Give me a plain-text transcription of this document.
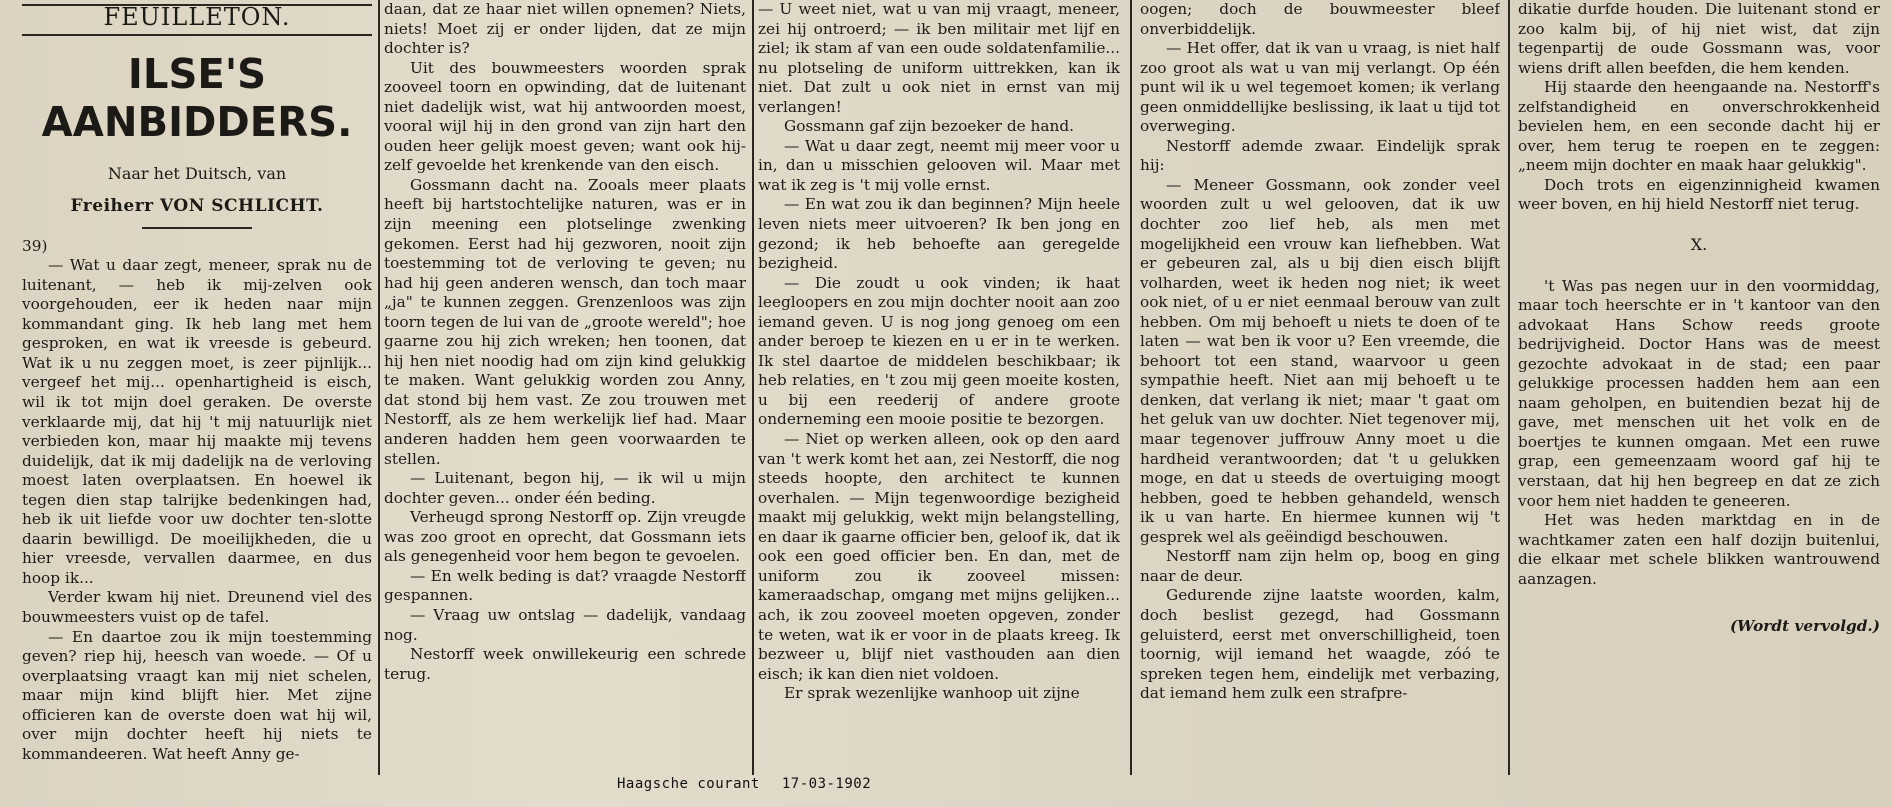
FEUILLETON.
ILSE'S AANBIDDERS.
Naar het Duitsch, van
Freiherr VON SCHLICHT.

39)

— Wat u daar zegt, meneer, sprak nu de luitenant, — heb ik mij-zelven ook voorgehouden, eer ik heden naar mijn kommandant ging. Ik heb lang met hem gesproken, en wat ik vreesde is gebeurd. Wat ik u nu zeggen moet, is zeer pijnlijk... vergeef het mij... openhartigheid is eisch, wil ik tot mijn doel geraken. De overste verklaarde mij, dat hij 't mij natuurlijk niet verbieden kon, maar hij maakte mij tevens duidelijk, dat ik mij dadelijk na de verloving moest laten overplaatsen. En hoewel ik tegen dien stap talrijke bedenkingen had, heb ik uit liefde voor uw dochter ten-slotte daarin bewilligd. De moeilijkheden, die u hier vreesde, vervallen daarmee, en dus hoop ik...

Verder kwam hij niet. Dreunend viel des bouwmeesters vuist op de tafel.

— En daartoe zou ik mijn toestemming geven? riep hij, heesch van woede. — Of u overplaatsing vraagt kan mij niet schelen, maar mijn kind blijft hier. Met zijne officieren kan de overste doen wat hij wil, over mijn dochter heeft hij niets te kommandeeren. Wat heeft Anny ge-

daan, dat ze haar niet willen opnemen? Niets, niets! Moet zij er onder lijden, dat ze mijn dochter is?

Uit des bouwmeesters woorden sprak zooveel toorn en opwinding, dat de luitenant niet dadelijk wist, wat hij antwoorden moest, vooral wijl hij in den grond van zijn hart den ouden heer gelijk moest geven; want ook hij-zelf gevoelde het krenkende van den eisch.

Gossmann dacht na. Zooals meer plaats heeft bij hartstochtelijke naturen, was er in zijn meening een plotselinge zwenking gekomen. Eerst had hij gezworen, nooit zijn toestemming tot de verloving te geven; nu had hij geen anderen wensch, dan toch maar „ja" te kunnen zeggen. Grenzenloos was zijn toorn tegen de lui van de „groote wereld"; hoe gaarne zou hij zich wreken; hen toonen, dat hij hen niet noodig had om zijn kind gelukkig te maken. Want gelukkig worden zou Anny, dat stond bij hem vast. Ze zou trouwen met Nestorff, als ze hem werkelijk lief had. Maar anderen hadden hem geen voorwaarden te stellen.

— Luitenant, begon hij, — ik wil u mijn dochter geven... onder één beding.

Verheugd sprong Nestorff op. Zijn vreugde was zoo groot en oprecht, dat Gossmann iets als genegenheid voor hem begon te gevoelen.

— En welk beding is dat? vraagde Nestorff gespannen.

— Vraag uw ontslag — dadelijk, vandaag nog.

Nestorff week onwillekeurig een schrede terug.

— U weet niet, wat u van mij vraagt, meneer, zei hij ontroerd; — ik ben militair met lijf en ziel; ik stam af van een oude soldatenfamilie... nu plotseling de uniform uittrekken, kan ik niet. Dat zult u ook niet in ernst van mij verlangen!

Gossmann gaf zijn bezoeker de hand.

— Wat u daar zegt, neemt mij meer voor u in, dan u misschien gelooven wil. Maar met wat ik zeg is 't mij volle ernst.

— En wat zou ik dan beginnen? Mijn heele leven niets meer uitvoeren? Ik ben jong en gezond; ik heb behoefte aan geregelde bezigheid.

— Die zoudt u ook vinden; ik haat leegloopers en zou mijn dochter nooit aan zoo iemand geven. U is nog jong genoeg om een ander beroep te kiezen en u er in te werken. Ik stel daartoe de middelen beschikbaar; ik heb relaties, en 't zou mij geen moeite kosten, u bij een reederij of andere groote onderneming een mooie positie te bezorgen.

— Niet op werken alleen, ook op den aard van 't werk komt het aan, zei Nestorff, die nog steeds hoopte, den architect te kunnen overhalen. — Mijn tegenwoordige bezigheid maakt mij gelukkig, wekt mijn belangstelling, en daar ik gaarne officier ben, geloof ik, dat ik ook een goed officier ben. En dan, met de uniform zou ik zooveel missen: kameraadschap, omgang met mijns gelijken... ach, ik zou zooveel moeten opgeven, zonder te weten, wat ik er voor in de plaats kreeg. Ik bezweer u, blijf niet vasthouden aan dien eisch; ik kan dien niet voldoen.

Er sprak wezenlijke wanhoop uit zijne

oogen; doch de bouwmeester bleef onverbiddelijk.

— Het offer, dat ik van u vraag, is niet half zoo groot als wat u van mij verlangt. Op één punt wil ik u wel tegemoet komen; ik verlang geen onmiddellijke beslissing, ik laat u tijd tot overweging.

Nestorff ademde zwaar. Eindelijk sprak hij:

— Meneer Gossmann, ook zonder veel woorden zult u wel gelooven, dat ik uw dochter zoo lief heb, als men met mogelijkheid een vrouw kan liefhebben. Wat er gebeuren zal, als u bij dien eisch blijft volharden, weet ik heden nog niet; ik weet ook niet, of u er niet eenmaal berouw van zult hebben. Om mij behoeft u niets te doen of te laten — wat ben ik voor u? Een vreemde, die behoort tot een stand, waarvoor u geen sympathie heeft. Niet aan mij behoeft u te denken, dat verlang ik niet; maar 't gaat om het geluk van uw dochter. Niet tegenover mij, maar tegenover juffrouw Anny moet u die hardheid verantwoorden; dat 't u gelukken moge, en dat u steeds de overtuiging moogt hebben, goed te hebben gehandeld, wensch ik u van harte. En hiermee kunnen wij 't gesprek wel als geëindigd beschouwen.

Nestorff nam zijn helm op, boog en ging naar de deur.

Gedurende zijne laatste woorden, kalm, doch beslist gezegd, had Gossmann geluisterd, eerst met onverschilligheid, toen toornig, wijl iemand het waagde, zóó te spreken tegen hem, eindelijk met verbazing, dat iemand hem zulk een strafpre-

dikatie durfde houden. Die luitenant stond er zoo kalm bij, of hij niet wist, dat zijn tegenpartij de oude Gossmann was, voor wiens drift allen beefden, die hem kenden.

Hij staarde den heengaande na. Nestorff's zelfstandigheid en onverschrokkenheid bevielen hem, en een seconde dacht hij er over, hem terug te roepen en te zeggen: „neem mijn dochter en maak haar gelukkig".

Doch trots en eigenzinnigheid kwamen weer boven, en hij hield Nestorff niet terug.

X.

't Was pas negen uur in den voormiddag, maar toch heerschte er in 't kantoor van den advokaat Hans Schow reeds groote bedrijvigheid. Doctor Hans was de meest gezochte advokaat in de stad; een paar gelukkige processen hadden hem aan een naam geholpen, en buitendien bezat hij de gave, met menschen uit het volk en de boertjes te kunnen omgaan. Met een ruwe grap, een gemeenzaam woord gaf hij te verstaan, dat hij hen begreep en dat ze zich voor hem niet hadden te geneeren.

Het was heden marktdag en in de wachtkamer zaten een half dozijn buitenlui, die elkaar met schele blikken wantrouwend aanzagen.

(Wordt vervolgd.)
Haagsche courant 17-03-1902
